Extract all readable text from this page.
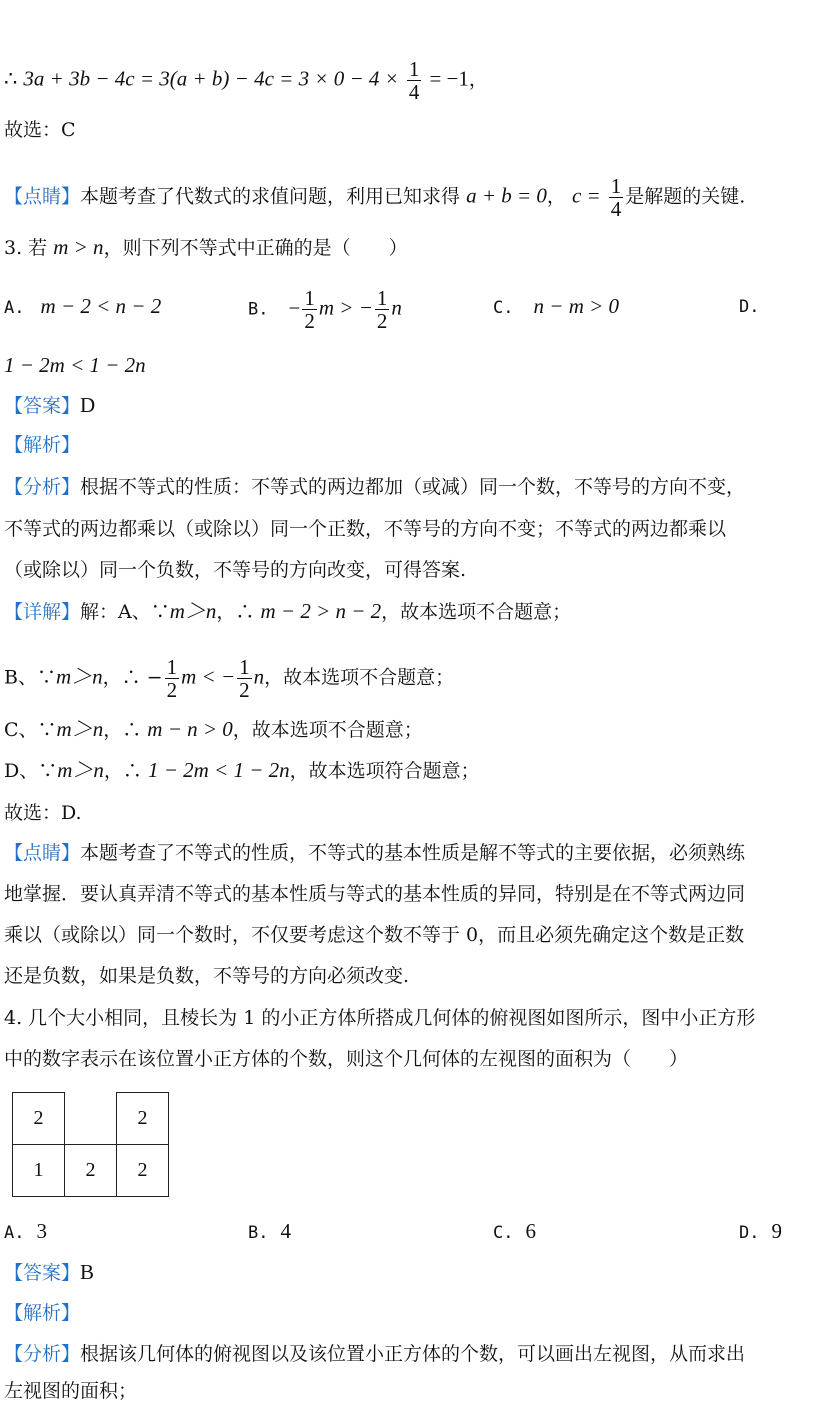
∴ $3a + 3b - 4c = 3(a + b) - 4c = 3 \times 0 - 4 \times \frac{1}{4} = -1$，
故选：C
【点睛】本题考查了代数式的求值问题，利用已知求得 a + b = 0， $c = \frac{1}{4}$ 是解题的关键.
3. 若 m > n，则下列不等式中正确的是（　　）
A. m − 2 < n − 2	B. − $\frac{1}{2}$ m > − $\frac{1}{2}$ n	C. n − m > 0	D.
1 − 2m < 1 − 2n
【答案】D
【解析】
【分析】根据不等式的性质：不等式的两边都加（或减）同一个数，不等号的方向不变，
不等式的两边都乘以（或除以）同一个正数，不等号的方向不变；不等式的两边都乘以
（或除以）同一个负数，不等号的方向改变，可得答案.
【详解】解：A、∵m＞n，∴ m − 2 > n − 2，故本选项不合题意；
B、∵m＞n，∴ − $\frac{1}{2}$ m < − $\frac{1}{2}$ n，故本选项不合题意；
C、∵m＞n，∴ m − n > 0，故本选项不合题意；
D、∵m＞n，∴ 1 − 2m < 1 − 2n，故本选项符合题意；
故选：D.
【点睛】本题考查了不等式的性质，不等式的基本性质是解不等式的主要依据，必须熟练
地掌握．要认真弄清不等式的基本性质与等式的基本性质的异同，特别是在不等式两边同
乘以（或除以）同一个数时，不仅要考虑这个数不等于 0，而且必须先确定这个数是正数
还是负数，如果是负数，不等号的方向必须改变.
4. 几个大小相同，且棱长为 1 的小正方体所搭成几何体的俯视图如图所示，图中小正方形
中的数字表示在该位置小正方体的个数，则这个几何体的左视图的面积为（　　）
2		2
1	2	2
A. 3	B. 4	C. 6	D. 9
【答案】B
【解析】
【分析】根据该几何体的俯视图以及该位置小正方体的个数，可以画出左视图，从而求出
左视图的面积；
